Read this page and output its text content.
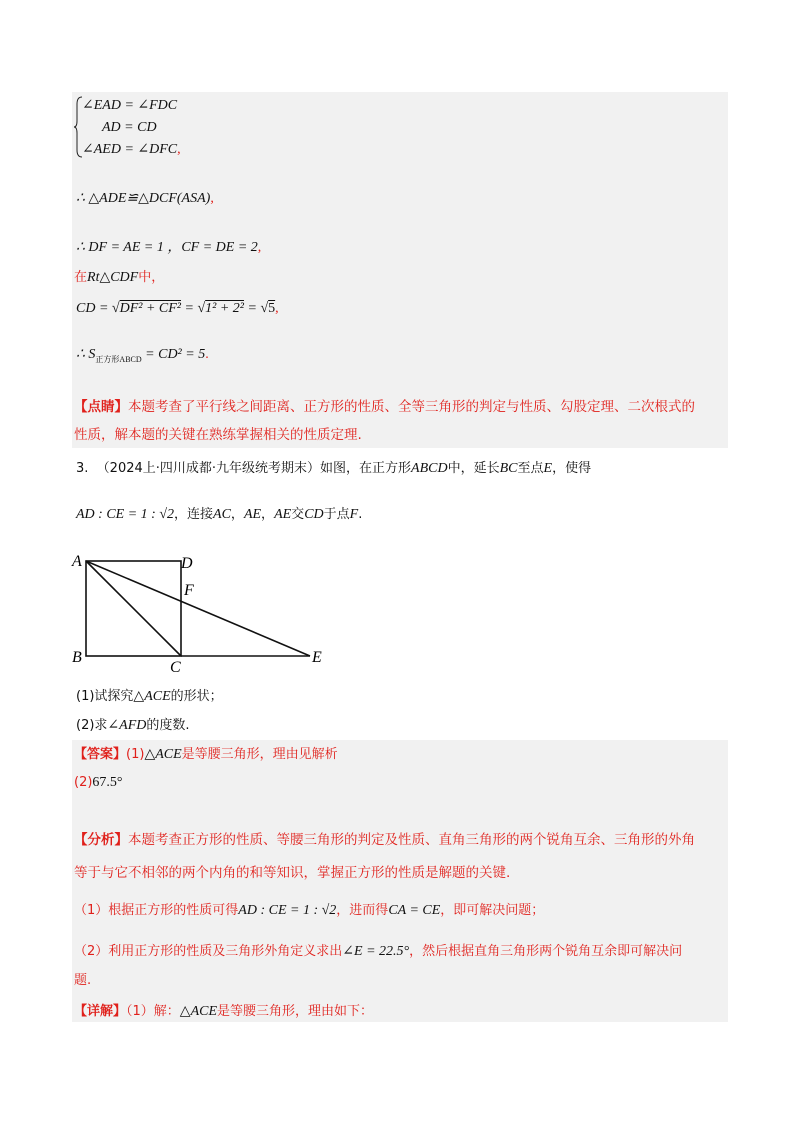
∠EAD = ∠FDC
AD = CD
∠AED = ∠DFC,
∴ △ADE≌△DCF(ASA),
∴ DF = AE = 1 ，CF = DE = 2,
在Rt△CDF中，
CD = √DF² + CF² = √1² + 2² = √5,
∴ $S_{正方形ABCD} = CD^2 = 5$.
【点睛】本题考查了平行线之间距离、正方形的性质、全等三角形的判定与性质、勾股定理、二次根式的
性质，解本题的关键在熟练掌握相关的性质定理.
3. （2024上·四川成都·九年级统考期末）如图，在正方形ABCD中，延长BC至点E，使得
AD : CE = 1 : √2，连接AC，AE，AE交CD于点F.
A	D
F
B
C
E
(1)试探究△ACE的形状；
(2)求∠AFD的度数.
【答案】(1)△ACE是等腰三角形，理由见解析
(2)67.5°
【分析】本题考查正方形的性质、等腰三角形的判定及性质、直角三角形的两个锐角互余、三角形的外角
等于与它不相邻的两个内角的和等知识，掌握正方形的性质是解题的关键.
（1）根据正方形的性质可得AD : CE = 1 : √2，进而得CA = CE，即可解决问题；
（2）利用正方形的性质及三角形外角定义求出∠E = 22.5°，然后根据直角三角形两个锐角互余即可解决问
题.
【详解】（1）解：△ACE是等腰三角形，理由如下：
